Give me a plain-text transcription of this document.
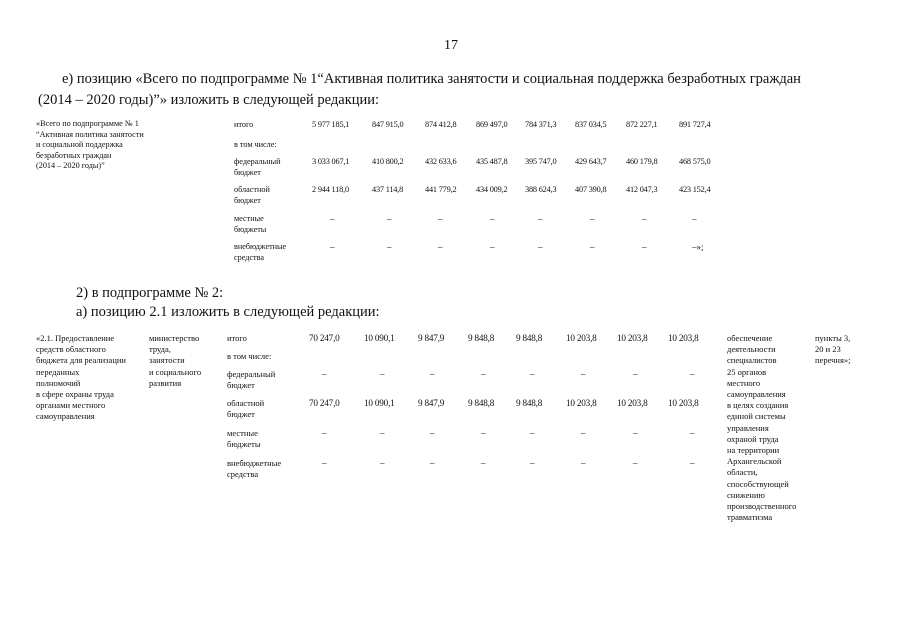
17
е) позицию «Всего по подпрограмме № 1“Активная политика занятости и социальная поддержка безработных граждан
(2014 – 2020 годы)”» изложить в следующей редакции:
«Всего по подпрограмме № 1
“Активная политика занятости
и социальной поддержка
безработных граждан
(2014 – 2020 годы)”
итого	5 977 185,1	847 915,0	874 412,8 869 497,0 784 371,3 837 034,5 872 227,1	891 727,4
в том числе:
федеральный
бюджет
3 033 067,1	410 800,2	432 633,6 435 487,8 395 747,0 429 643,7 460 179,8	468 575,0
областной
бюджет
2 944 118,0	437 114,8	441 779,2 434 009,2 388 624,3 407 390,8 412 047,3	423 152,4
местные
бюджеты
–	–	–	–	–	–	–	–
внебюджетные
средства
–	–	–	–	–	–	–	–»;
2) в подпрограмме № 2:
а) позицию 2.1 изложить в следующей редакции:
«2.1. Предоставление
средств областного
бюджета для реализации
переданных
полномочий
в сфере охраны труда
органами местного
самоуправления
министерство
труда,
занятости
и социального
развития
итого	70 247,0	10 090,1	9 847,9	9 848,8 9 848,8	10 203,8 10 203,8 10 203,8
в том числе:
федеральный
бюджет
–	–	–	–	–	–	–	–
областной
бюджет
70 247,0	10 090,1	9 847,9	9 848,8 9 848,8	10 203,8 10 203,8 10 203,8
местные
бюджеты
–	–	–	–	–	–	–	–
внебюджетные
средства
–	–	–	–	–	–	–	–
обеспечение
деятельности
специалистов
25 органов
местного
самоуправления
в целях создания
единой системы
управления
охраной труда
на территории
Архангельской
области,
способствующей
снижению
производственного
травматизма
пункты 3,
20 и 23
перечня»;
